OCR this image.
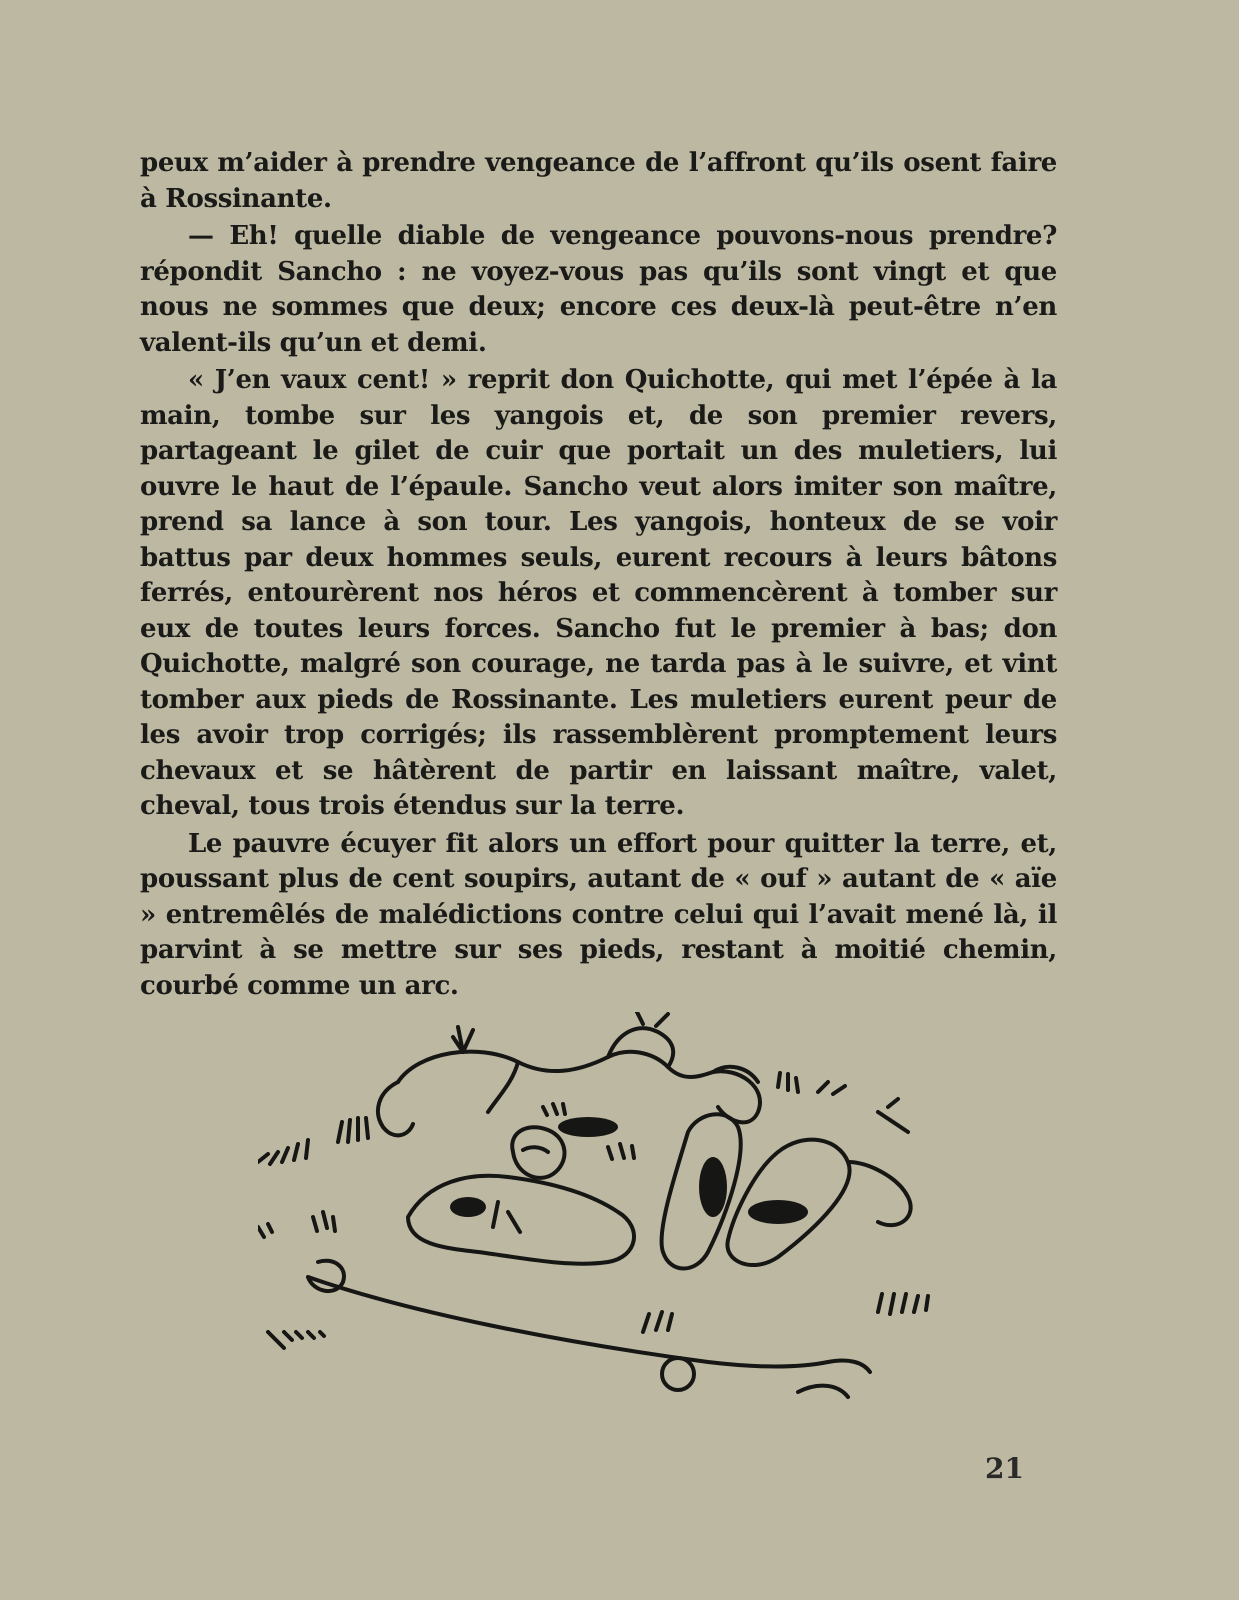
peux m’aider à prendre vengeance de l’affront qu’ils osent faire à Rossinante.

— Eh! quelle diable de vengeance pouvons-nous prendre? répondit Sancho : ne voyez-vous pas qu’ils sont vingt et que nous ne sommes que deux; encore ces deux-là peut-être n’en valent-ils qu’un et demi.

« J’en vaux cent! » reprit don Quichotte, qui met l’épée à la main, tombe sur les yangois et, de son premier revers, partageant le gilet de cuir que portait un des muletiers, lui ouvre le haut de l’épaule. Sancho veut alors imiter son maître, prend sa lance à son tour. Les yangois, honteux de se voir battus par deux hommes seuls, eurent recours à leurs bâtons ferrés, entourèrent nos héros et commencèrent à tomber sur eux de toutes leurs forces. Sancho fut le premier à bas; don Quichotte, malgré son courage, ne tarda pas à le suivre, et vint tomber aux pieds de Rossinante. Les muletiers eurent peur de les avoir trop corrigés; ils rassemblèrent promptement leurs chevaux et se hâtèrent de partir en laissant maître, valet, cheval, tous trois étendus sur la terre.

Le pauvre écuyer fit alors un effort pour quitter la terre, et, poussant plus de cent soupirs, autant de « ouf » autant de « aïe » entremêlés de malédictions contre celui qui l’avait mené là, il parvint à se mettre sur ses pieds, restant à moitié chemin, courbé comme un arc.

21
